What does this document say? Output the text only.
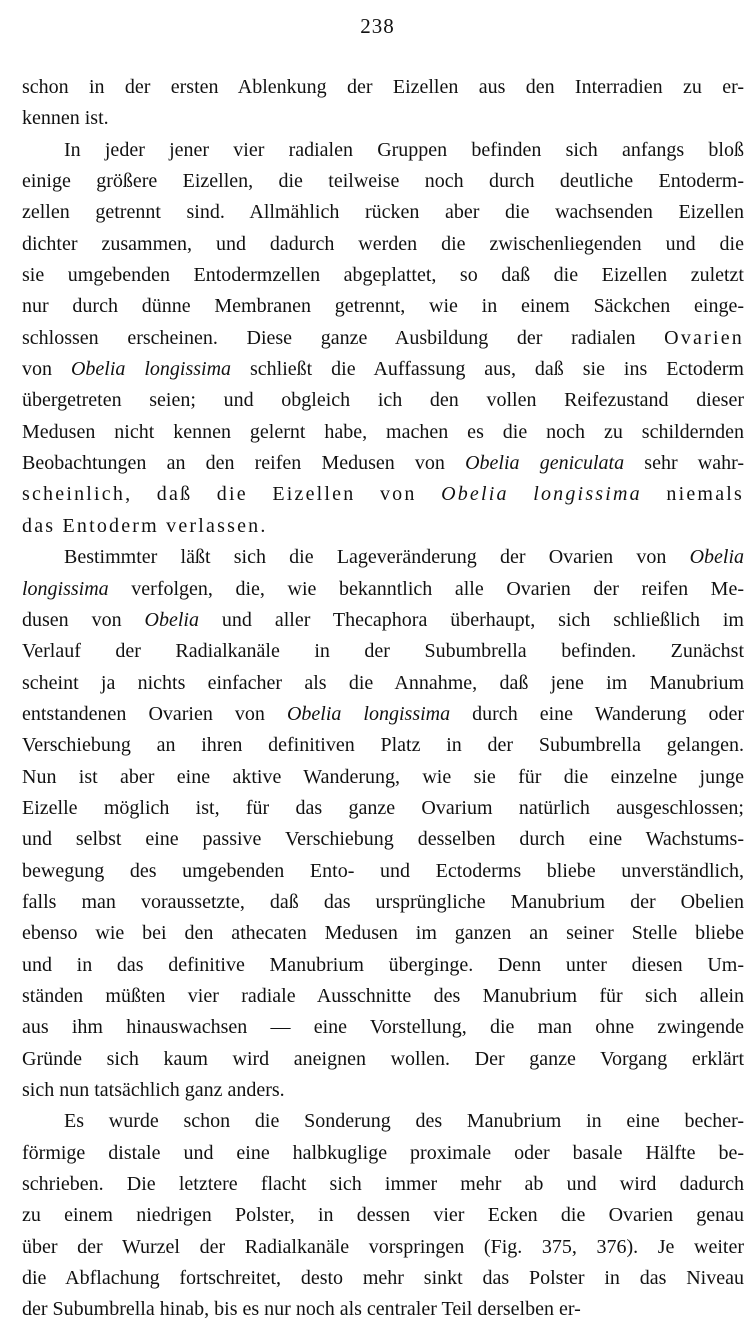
238
schon in der ersten Ablenkung der Eizellen aus den Interradien zu er-
kennen ist.
In jeder jener vier radialen Gruppen befinden sich anfangs bloß
einige größere Eizellen, die teilweise noch durch deutliche Entoderm-
zellen getrennt sind. Allmählich rücken aber die wachsenden Eizellen
dichter zusammen, und dadurch werden die zwischenliegenden und die
sie umgebenden Entodermzellen abgeplattet, so daß die Eizellen zuletzt
nur durch dünne Membranen getrennt, wie in einem Säckchen einge-
schlossen erscheinen. Diese ganze Ausbildung der radialen Ovarien
von Obelia longissima schließt die Auffassung aus, daß sie ins Ectoderm
übergetreten seien; und obgleich ich den vollen Reifezustand dieser
Medusen nicht kennen gelernt habe, machen es die noch zu schildernden
Beobachtungen an den reifen Medusen von Obelia geniculata sehr wahr-
scheinlich, daß die Eizellen von Obelia longissima niemals
das Entoderm verlassen.
Bestimmter läßt sich die Lageveränderung der Ovarien von Obelia
longissima verfolgen, die, wie bekanntlich alle Ovarien der reifen Me-
dusen von Obelia und aller Thecaphora überhaupt, sich schließlich im
Verlauf der Radialkanäle in der Subumbrella befinden. Zunächst
scheint ja nichts einfacher als die Annahme, daß jene im Manubrium
entstandenen Ovarien von Obelia longissima durch eine Wanderung oder
Verschiebung an ihren definitiven Platz in der Subumbrella gelangen.
Nun ist aber eine aktive Wanderung, wie sie für die einzelne junge
Eizelle möglich ist, für das ganze Ovarium natürlich ausgeschlossen;
und selbst eine passive Verschiebung desselben durch eine Wachstums-
bewegung des umgebenden Ento- und Ectoderms bliebe unverständlich,
falls man voraussetzte, daß das ursprüngliche Manubrium der Obelien
ebenso wie bei den athecaten Medusen im ganzen an seiner Stelle bliebe
und in das definitive Manubrium überginge. Denn unter diesen Um-
ständen müßten vier radiale Ausschnitte des Manubrium für sich allein
aus ihm hinauswachsen — eine Vorstellung, die man ohne zwingende
Gründe sich kaum wird aneignen wollen. Der ganze Vorgang erklärt
sich nun tatsächlich ganz anders.
Es wurde schon die Sonderung des Manubrium in eine becher-
förmige distale und eine halbkuglige proximale oder basale Hälfte be-
schrieben. Die letztere flacht sich immer mehr ab und wird dadurch
zu einem niedrigen Polster, in dessen vier Ecken die Ovarien genau
über der Wurzel der Radialkanäle vorspringen (Fig. 375, 376). Je weiter
die Abflachung fortschreitet, desto mehr sinkt das Polster in das Niveau
der Subumbrella hinab, bis es nur noch als centraler Teil derselben er-
